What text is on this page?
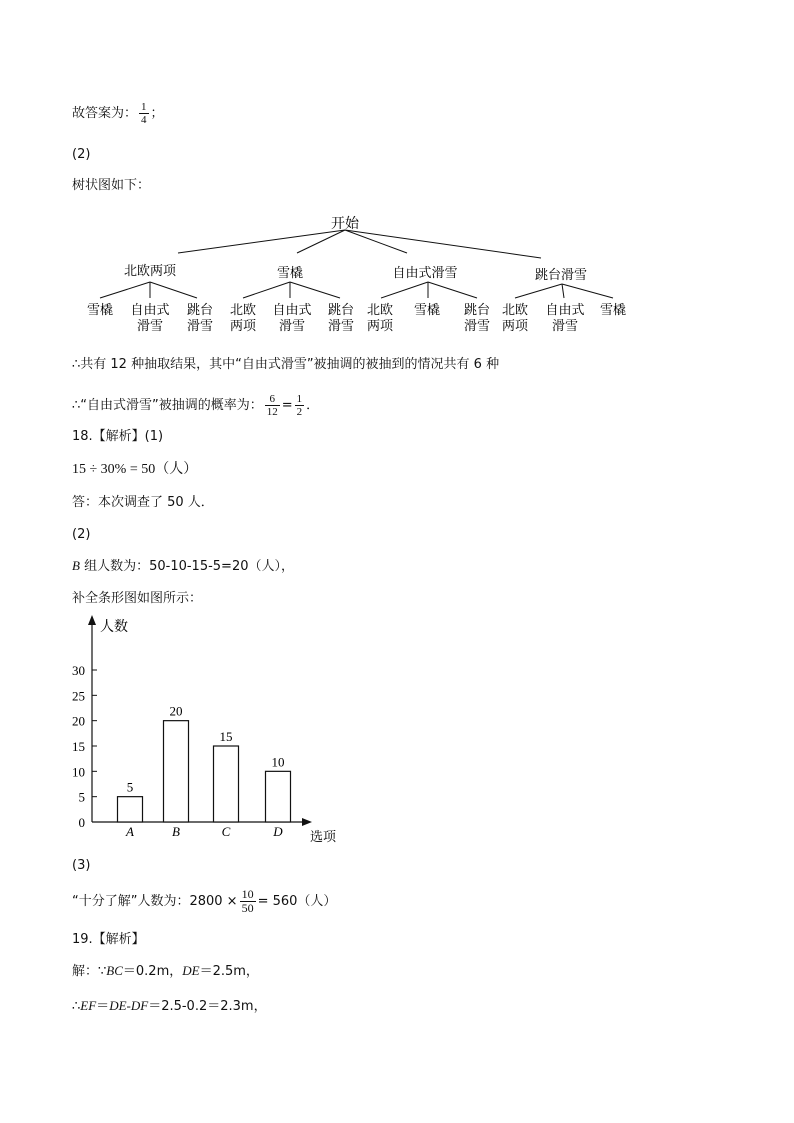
故答案为： $\frac{1}{4}$ ；
(2)
树状图如下：
开始
北欧两项	雪橇	自由式滑雪	跳台滑雪
雪橇 自由式滑雪
跳台滑雪
北欧两项
自由式滑雪
跳台滑雪
北欧两项
雪橇 跳台滑雪
北欧两项
自由式滑雪
雪橇
∴共有 12 种抽取结果，其中“自由式滑雪”被抽调的被抽到的情况共有 6 种
∴“自由式滑雪”被抽调的概率为： $\frac{6}{12} = \frac{1}{2}$ ．
18.【解析】(1)
15 ÷ 30% = 50（人）
答：本次调查了 50 人．
(2)
B 组人数为：50-10-15-5=20（人），
补全条形图如图所示：
人数
选项
0
5
10
15
20
25
30
5
A
20
B
15
C
10
D
(3)
“十分了解”人数为：$2800 \times \frac{10}{50} = 560$（人）
19.【解析】
解：∵BC＝0.2m，DE＝2.5m，
∴EF＝DE-DF＝2.5-0.2＝2.3m，
